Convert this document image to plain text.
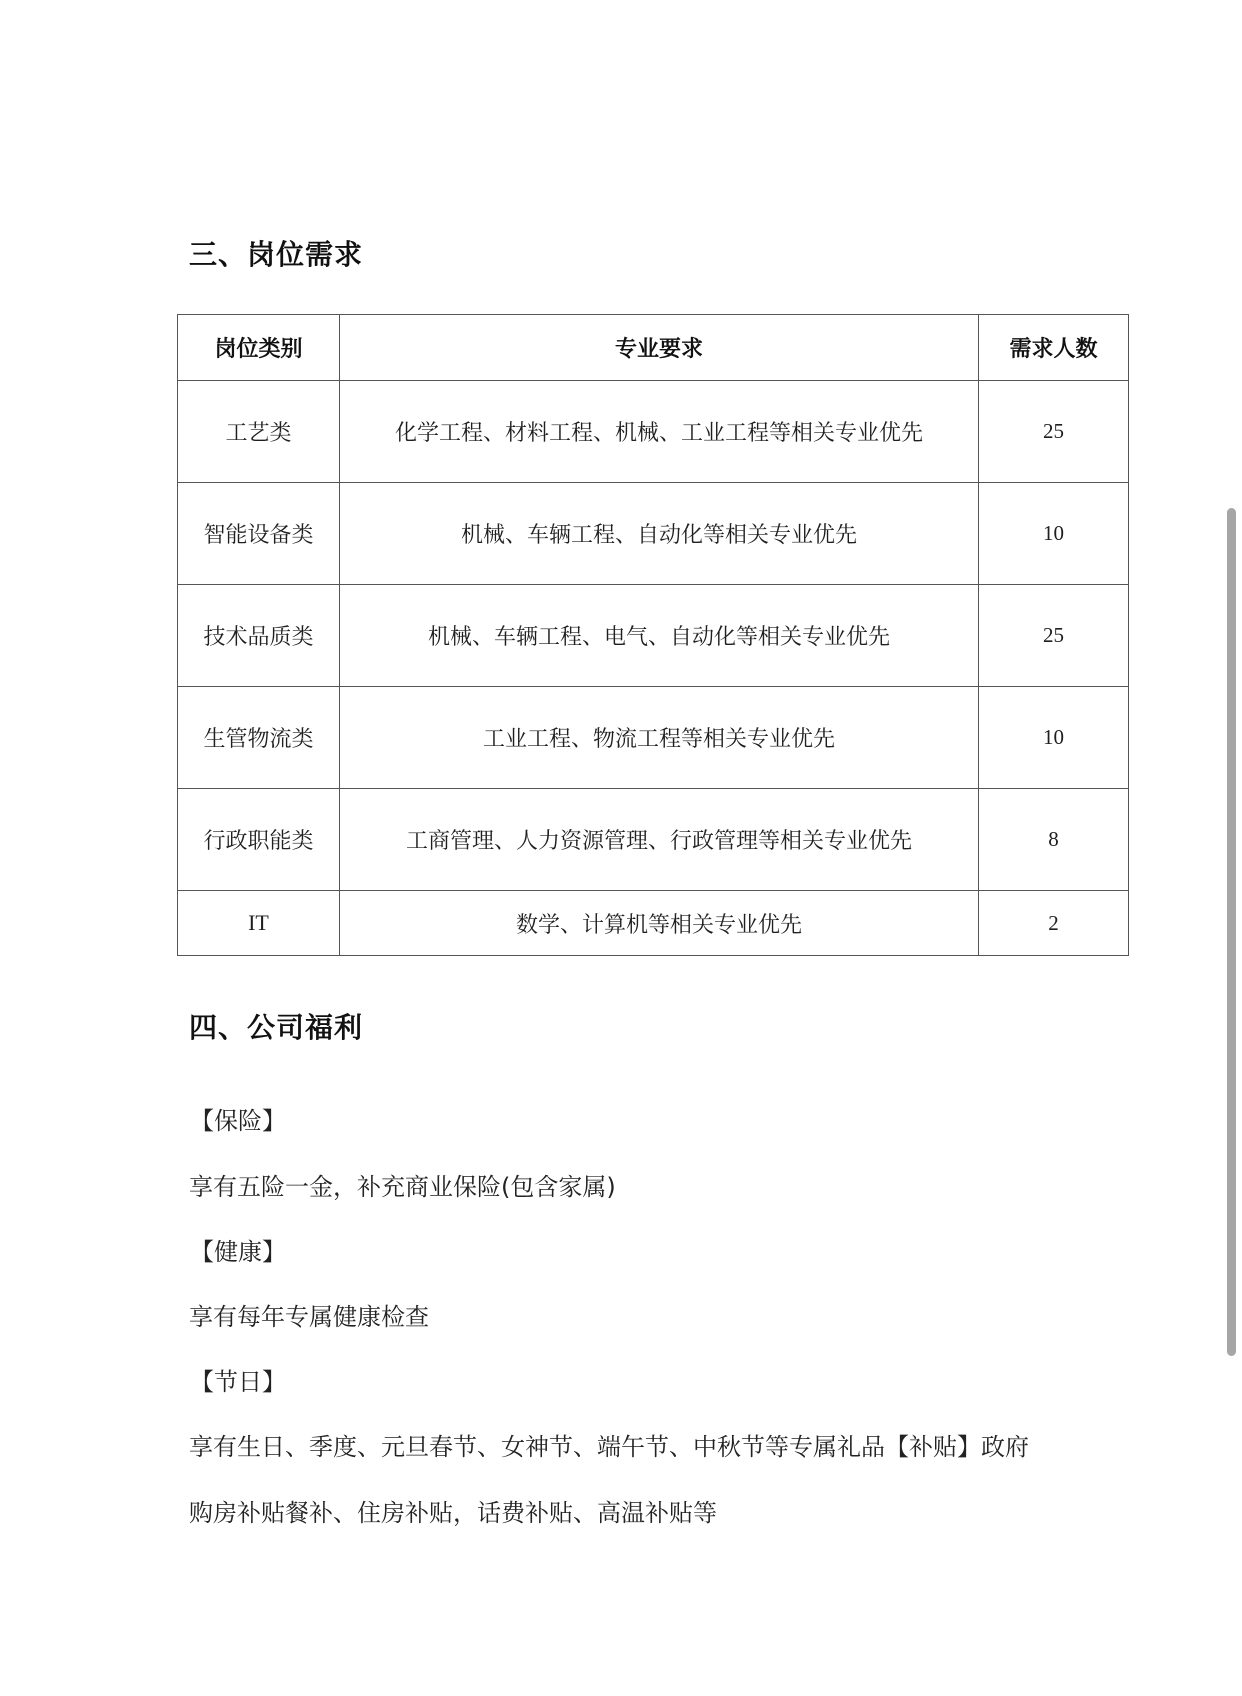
三、岗位需求
岗位类别	专业要求	需求人数
工艺类	化学工程、材料工程、机械、工业工程等相关专业优先	25
智能设备类	机械、车辆工程、自动化等相关专业优先	10
技术品质类	机械、车辆工程、电气、自动化等相关专业优先	25
生管物流类	工业工程、物流工程等相关专业优先	10
行政职能类	工商管理、人力资源管理、行政管理等相关专业优先	8
IT	数学、计算机等相关专业优先	2
四、公司福利

【保险】

享有五险一金，补充商业保险(包含家属)

【健康】

享有每年专属健康检查

【节日】

享有生日、季度、元旦春节、女神节、端午节、中秋节等专属礼品【补贴】政府

购房补贴餐补、住房补贴，话费补贴、高温补贴等
